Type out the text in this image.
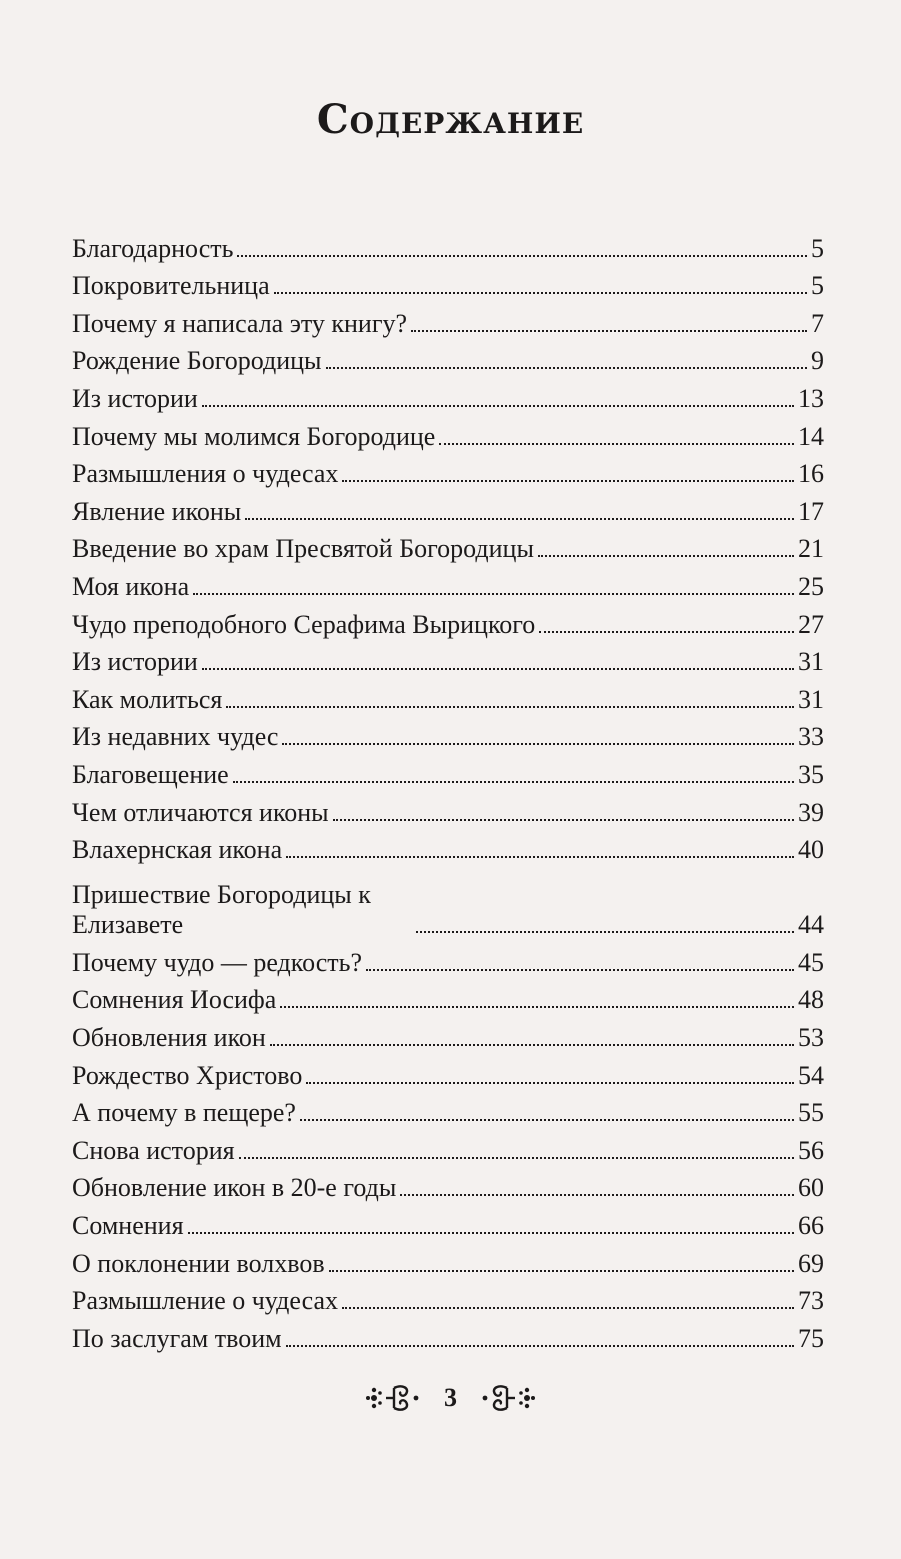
Содержание
Благодарность	5
Покровительница	5
Почему я написала эту книгу?	7
Рождение Богородицы	9
Из истории	13
Почему мы молимся Богородице	14
Размышления о чудесах	16
Явление иконы	17
Введение во храм Пресвятой Богородицы	21
Моя икона	25
Чудо преподобного Серафима Вырицкого	27
Из истории	31
Как молиться	31
Из недавних чудес	33
Благовещение	35
Чем отличаются иконы	39
Влахернская икона	40
Пришествие Богородицы к Елизавете	44
Почему чудо — редкость?	45
Сомнения Иосифа	48
Обновления икон	53
Рождество Христово	54
А почему в пещере?	55
Снова история	56
Обновление икон в 20-е годы	60
Сомнения	66
О поклонении волхвов	69
Размышление о чудесах	73
По заслугам твоим	75
3
